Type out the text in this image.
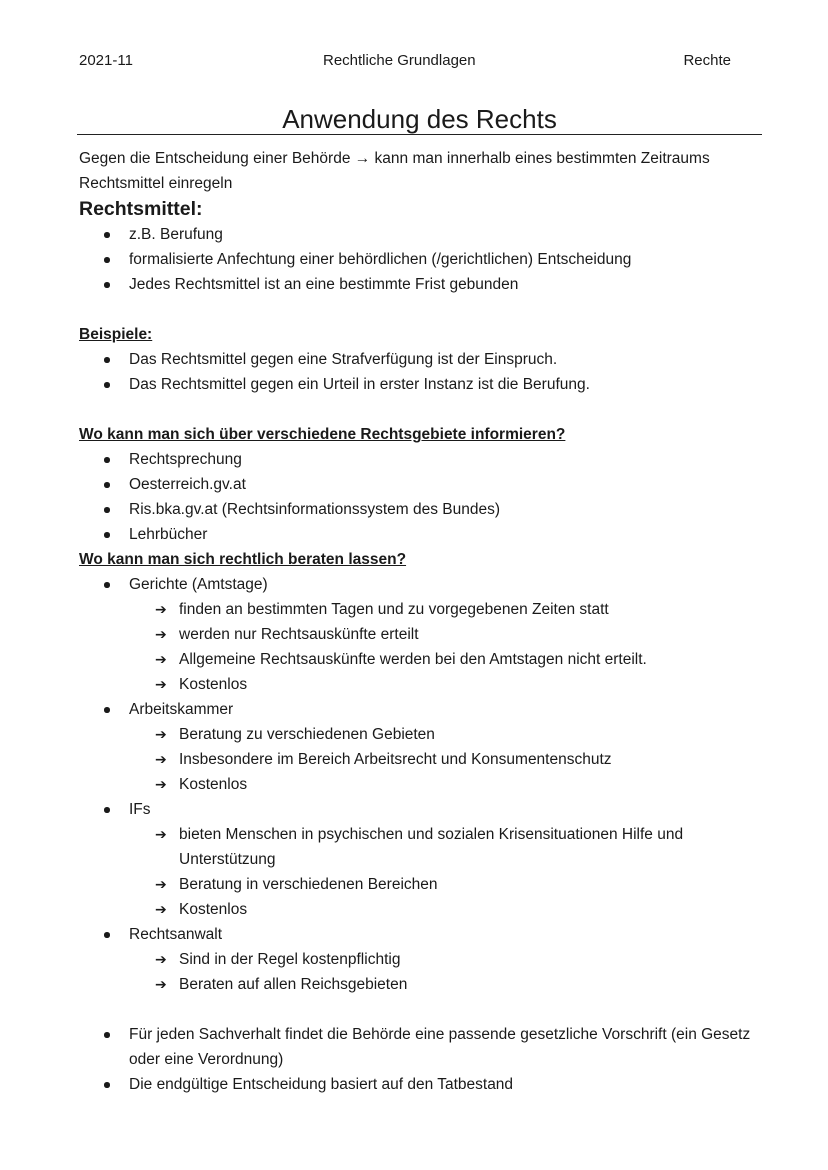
2021-11	Rechtliche Grundlagen	Rechte
Anwendung des Rechts

Gegen die Entscheidung einer Behörde → kann man innerhalb eines bestimmten Zeitraums Rechtsmittel einregeln

Rechtsmittel:

z.B. Berufung
formalisierte Anfechtung einer behördlichen (/gerichtlichen) Entscheidung
Jedes Rechtsmittel ist an eine bestimmte Frist gebunden

Beispiele:

Das Rechtsmittel gegen eine Strafverfügung ist der Einspruch.
Das Rechtsmittel gegen ein Urteil in erster Instanz ist die Berufung.

Wo kann man sich über verschiedene Rechtsgebiete informieren?

Rechtsprechung
Oesterreich.gv.at
Ris.bka.gv.at (Rechtsinformationssystem des Bundes)
Lehrbücher

Wo kann man sich rechtlich beraten lassen?

Gerichte (Amtstage)
➔ finden an bestimmten Tagen und zu vorgegebenen Zeiten statt
➔ werden nur Rechtsauskünfte erteilt
➔ Allgemeine Rechtsauskünfte werden bei den Amtstagen nicht erteilt.
➔ Kostenlos
Arbeitskammer
➔ Beratung zu verschiedenen Gebieten
➔ Insbesondere im Bereich Arbeitsrecht und Konsumentenschutz
➔ Kostenlos
IFs
➔ bieten Menschen in psychischen und sozialen Krisensituationen Hilfe und Unterstützung
➔ Beratung in verschiedenen Bereichen
➔ Kostenlos
Rechtsanwalt
➔ Sind in der Regel kostenpflichtig
➔ Beraten auf allen Reichsgebieten
Für jeden Sachverhalt findet die Behörde eine passende gesetzliche Vorschrift (ein Gesetz oder eine Verordnung)
Die endgültige Entscheidung basiert auf den Tatbestand
